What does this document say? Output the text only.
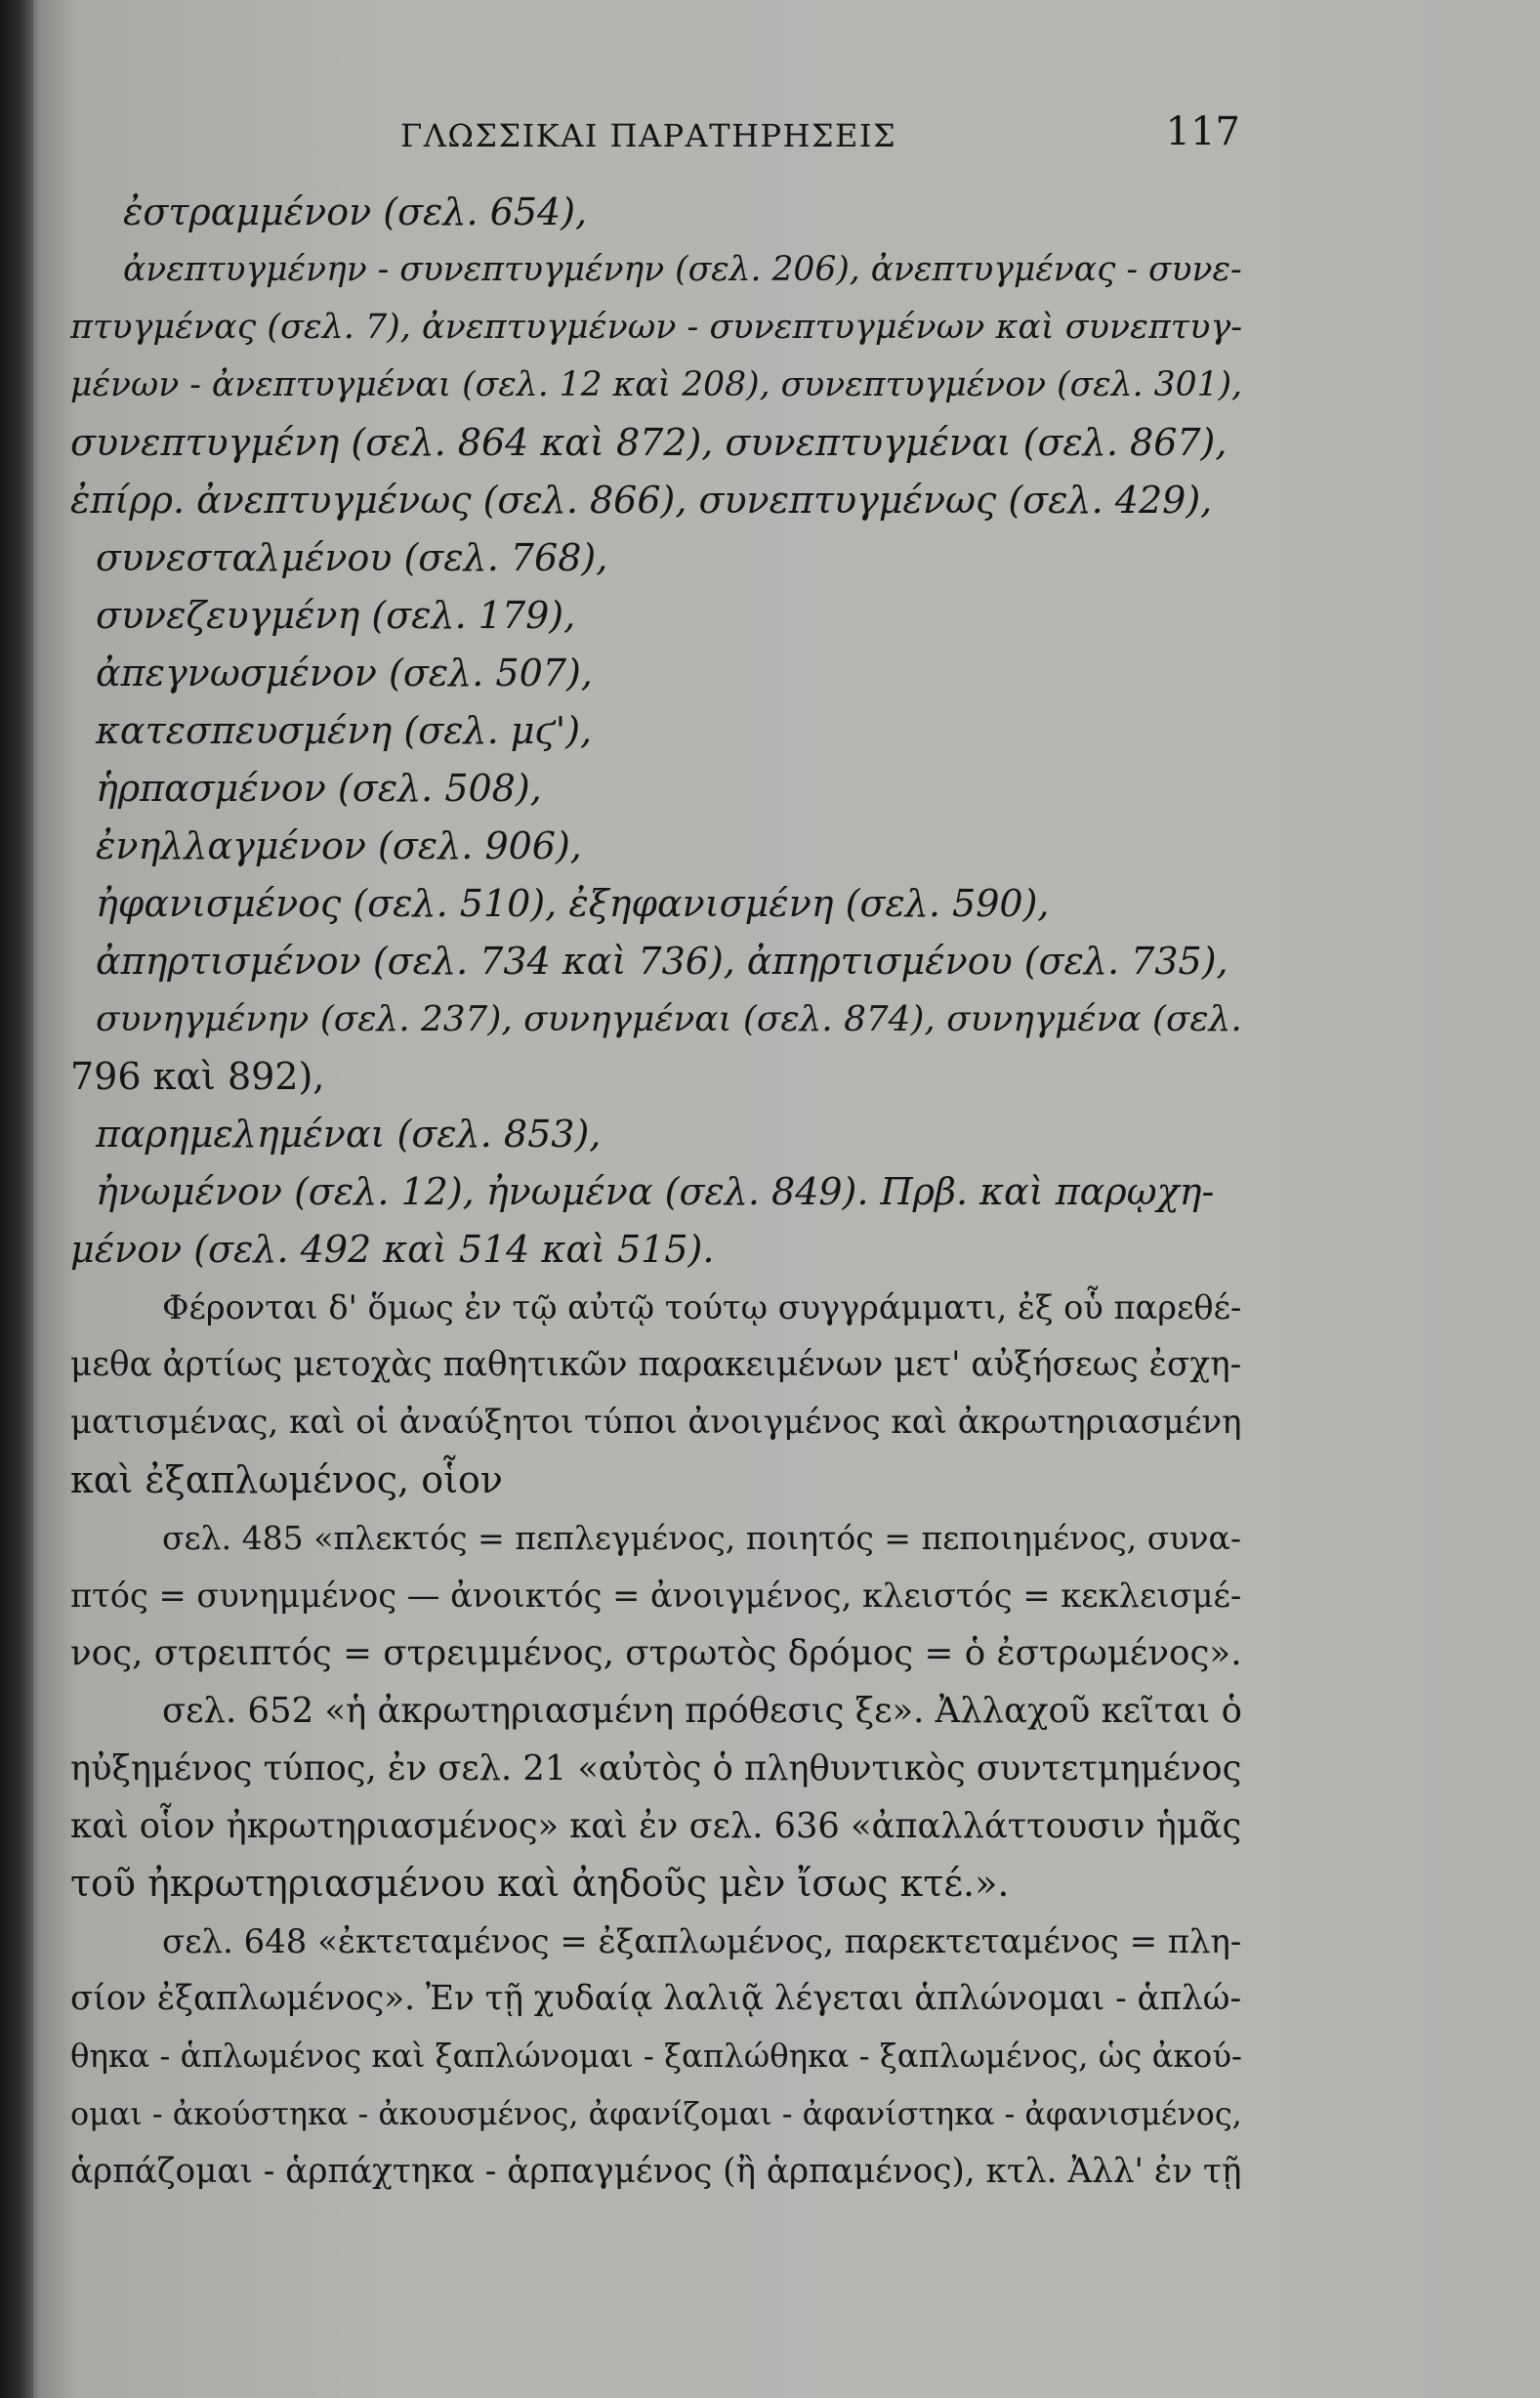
ΓΛΩΣΣΙΚΑΙ ΠΑΡΑΤΗΡΗΣΕΙΣ	117
ἐστραμμένον (σελ. 654),
ἀνεπτυγμένην - συνεπτυγμένην (σελ. 206), ἀνεπτυγμένας - συνε-
πτυγμένας (σελ. 7), ἀνεπτυγμένων - συνεπτυγμένων καὶ συνεπτυγ-
μένων - ἀνεπτυγμέναι (σελ. 12 καὶ 208), συνεπτυγμένον (σελ. 301),
συνεπτυγμένη (σελ. 864 καὶ 872), συνεπτυγμέναι (σελ. 867),
ἐπίρρ. ἀνεπτυγμένως (σελ. 866), συνεπτυγμένως (σελ. 429),
συνεσταλμένου (σελ. 768),
συνεζευγμένη (σελ. 179),
ἀπεγνωσμένον (σελ. 507),
κατεσπευσμένη (σελ. μϛ'),
ἡρπασμένον (σελ. 508),
ἐνηλλαγμένον (σελ. 906),
ἠφανισμένος (σελ. 510), ἐξηφανισμένη (σελ. 590),
ἀπηρτισμένον (σελ. 734 καὶ 736), ἀπηρτισμένου (σελ. 735),
συνηγμένην (σελ. 237), συνηγμέναι (σελ. 874), συνηγμένα (σελ.
796 καὶ 892),
παρημελημέναι (σελ. 853),
ἠνωμένον (σελ. 12), ἠνωμένα (σελ. 849). Πρβ. καὶ παρῳχη-
μένον (σελ. 492 καὶ 514 καὶ 515).
Φέρονται δ' ὅμως ἐν τῷ αὐτῷ τούτῳ συγγράμματι, ἐξ οὗ παρεθέ-
μεθα ἀρτίως μετοχὰς παθητικῶν παρακειμένων μετ' αὐξήσεως ἐσχη-
ματισμένας, καὶ οἱ ἀναύξητοι τύποι ἀνοιγμένος καὶ ἀκρωτηριασμένη
καὶ ἐξαπλωμένος, οἷον
σελ. 485 «πλεκτός = πεπλεγμένος, ποιητός = πεποιημένος, συνα-
πτός = συνημμένος — ἀνοικτός = ἀνοιγμένος, κλειστός = κεκλεισμέ-
νος, στρειπτός = στρειμμένος, στρωτὸς δρόμος = ὁ ἐστρωμένος».
σελ. 652 «ἡ ἀκρωτηριασμένη πρόθεσις ξε». Ἀλλαχοῦ κεῖται ὁ
ηὐξημένος τύπος, ἐν σελ. 21 «αὐτὸς ὁ πληθυντικὸς συντετμημένος
καὶ οἷον ἠκρωτηριασμένος» καὶ ἐν σελ. 636 «ἀπαλλάττουσιν ἡμᾶς
τοῦ ἠκρωτηριασμένου καὶ ἀηδοῦς μὲν ἴσως κτέ.».
σελ. 648 «ἐκτεταμένος = ἐξαπλωμένος, παρεκτεταμένος = πλη-
σίον ἐξαπλωμένος». Ἐν τῇ χυδαίᾳ λαλιᾷ λέγεται ἁπλώνομαι - ἁπλώ-
θηκα - ἁπλωμένος καὶ ξαπλώνομαι - ξαπλώθηκα - ξαπλωμένος, ὡς ἀκού-
ομαι - ἀκούστηκα - ἀκουσμένος, ἀφανίζομαι - ἀφανίστηκα - ἀφανισμένος,
ἁρπάζομαι - ἁρπάχτηκα - ἁρπαγμένος (ἢ ἁρπαμένος), κτλ. Ἀλλ' ἐν τῇ
